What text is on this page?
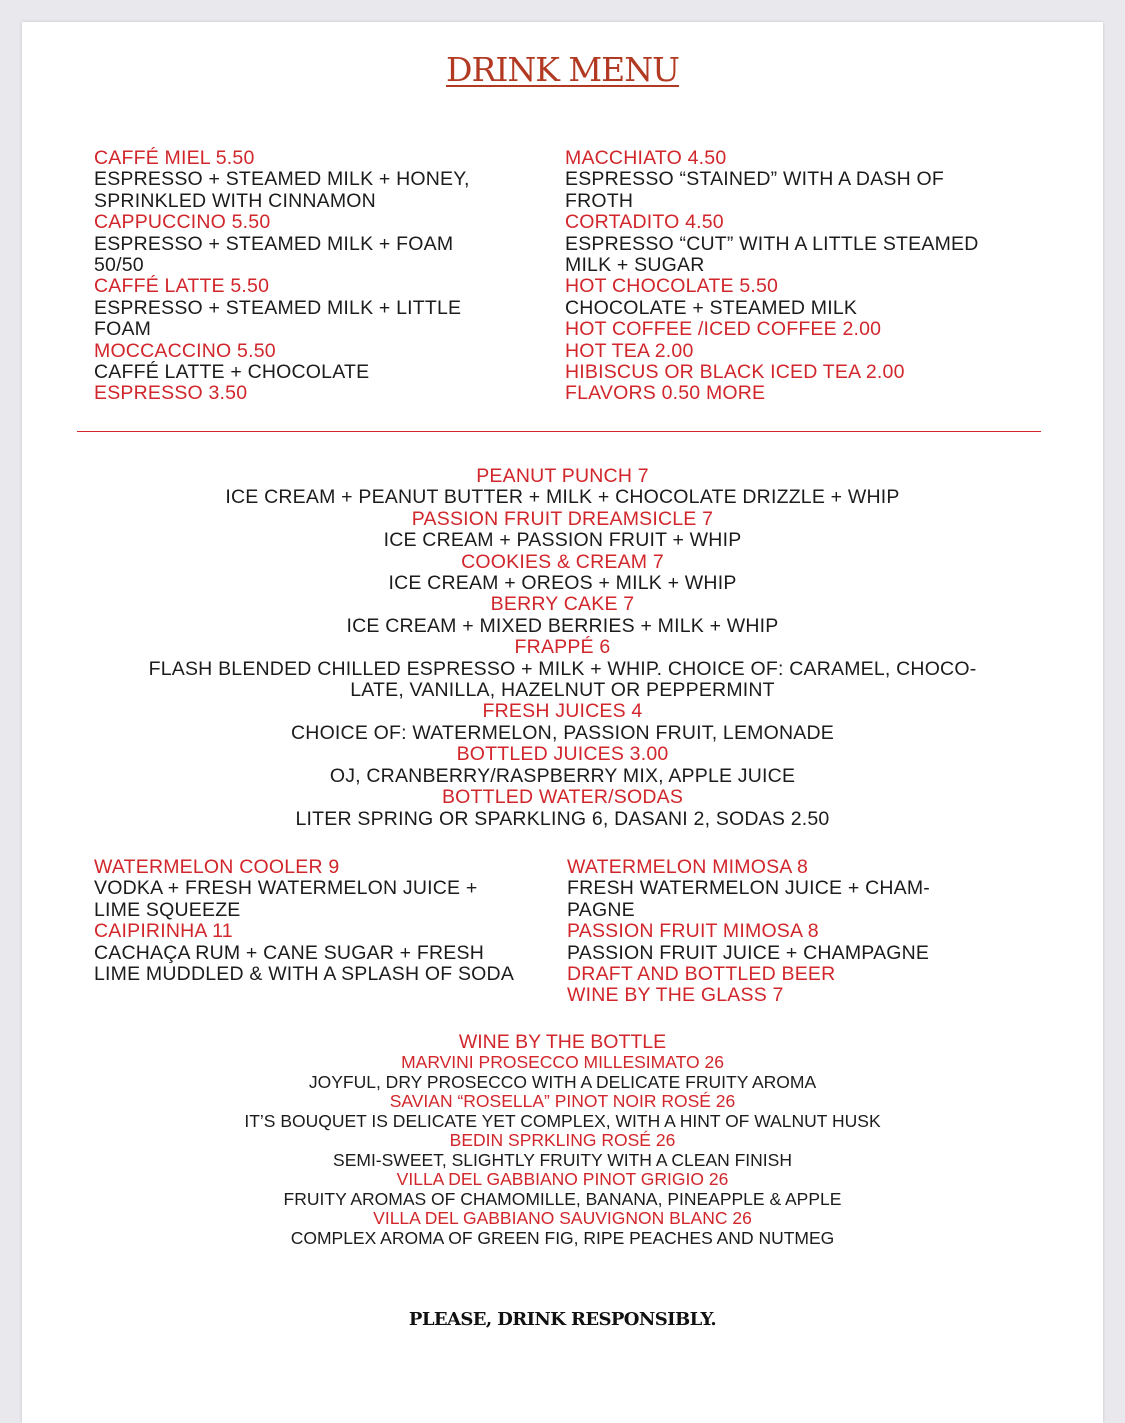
DRINK MENU
CAFFÉ MIEL 5.50
ESPRESSO + STEAMED MILK + HONEY,
SPRINKLED WITH CINNAMON
CAPPUCCINO 5.50
ESPRESSO + STEAMED MILK + FOAM
50/50
CAFFÉ LATTE 5.50
ESPRESSO + STEAMED MILK + LITTLE
FOAM
MOCCACCINO 5.50
CAFFÉ LATTE + CHOCOLATE
ESPRESSO 3.50
MACCHIATO 4.50
ESPRESSO “STAINED” WITH A DASH OF
FROTH
CORTADITO 4.50
ESPRESSO “CUT” WITH A LITTLE STEAMED
MILK + SUGAR
HOT CHOCOLATE 5.50
CHOCOLATE + STEAMED MILK
HOT COFFEE /ICED COFFEE 2.00
HOT TEA 2.00
HIBISCUS OR BLACK ICED TEA 2.00
FLAVORS 0.50 MORE
PEANUT PUNCH 7
ICE CREAM + PEANUT BUTTER + MILK + CHOCOLATE DRIZZLE + WHIP
PASSION FRUIT DREAMSICLE 7
ICE CREAM + PASSION FRUIT + WHIP
COOKIES & CREAM 7
ICE CREAM + OREOS + MILK + WHIP
BERRY CAKE 7
ICE CREAM + MIXED BERRIES + MILK + WHIP
FRAPPÉ 6
FLASH BLENDED CHILLED ESPRESSO + MILK + WHIP. CHOICE OF: CARAMEL, CHOCO-
LATE, VANILLA, HAZELNUT OR PEPPERMINT
FRESH JUICES 4
CHOICE OF: WATERMELON, PASSION FRUIT, LEMONADE
BOTTLED JUICES 3.00
OJ, CRANBERRY/RASPBERRY MIX, APPLE JUICE
BOTTLED WATER/SODAS
LITER SPRING OR SPARKLING 6, DASANI 2, SODAS 2.50
WATERMELON COOLER 9
VODKA + FRESH WATERMELON JUICE +
LIME SQUEEZE
CAIPIRINHA 11
CACHAÇA RUM + CANE SUGAR + FRESH
LIME MUDDLED & WITH A SPLASH OF SODA
WATERMELON MIMOSA 8
FRESH WATERMELON JUICE + CHAM-
PAGNE
PASSION FRUIT MIMOSA 8
PASSION FRUIT JUICE + CHAMPAGNE
DRAFT AND BOTTLED BEER
WINE BY THE GLASS 7
WINE BY THE BOTTLE
MARVINI PROSECCO MILLESIMATO 26
JOYFUL, DRY PROSECCO WITH A DELICATE FRUITY AROMA
SAVIAN “ROSELLA” PINOT NOIR ROSÉ 26
IT’S BOUQUET IS DELICATE YET COMPLEX, WITH A HINT OF WALNUT HUSK
BEDIN SPRKLING ROSÉ 26
SEMI-SWEET, SLIGHTLY FRUITY WITH A CLEAN FINISH
VILLA DEL GABBIANO PINOT GRIGIO 26
FRUITY AROMAS OF CHAMOMILLE, BANANA, PINEAPPLE & APPLE
VILLA DEL GABBIANO SAUVIGNON BLANC 26
COMPLEX AROMA OF GREEN FIG, RIPE PEACHES AND NUTMEG
PLEASE, DRINK RESPONSIBLY.
